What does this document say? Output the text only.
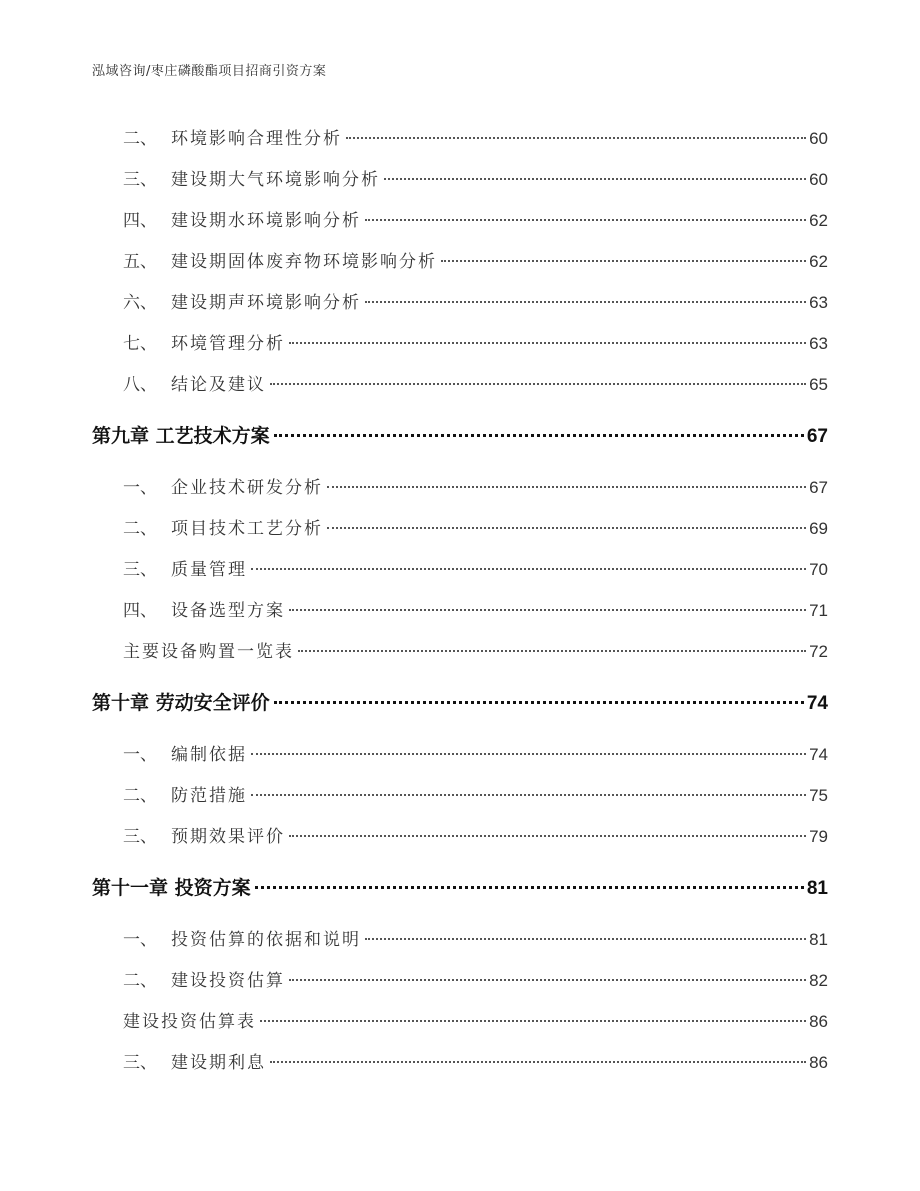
泓域咨询/枣庄磷酸酯项目招商引资方案
二、 环境影响合理性分析	60
三、 建设期大气环境影响分析	60
四、 建设期水环境影响分析	62
五、 建设期固体废弃物环境影响分析	62
六、 建设期声环境影响分析	63
七、 环境管理分析	63
八、 结论及建议	65
第九章 工艺技术方案	67
一、 企业技术研发分析	67
二、 项目技术工艺分析	69
三、 质量管理	70
四、 设备选型方案	71
主要设备购置一览表	72
第十章 劳动安全评价	74
一、 编制依据	74
二、 防范措施	75
三、 预期效果评价	79
第十一章 投资方案	81
一、 投资估算的依据和说明	81
二、 建设投资估算	82
建设投资估算表	86
三、 建设期利息	86
